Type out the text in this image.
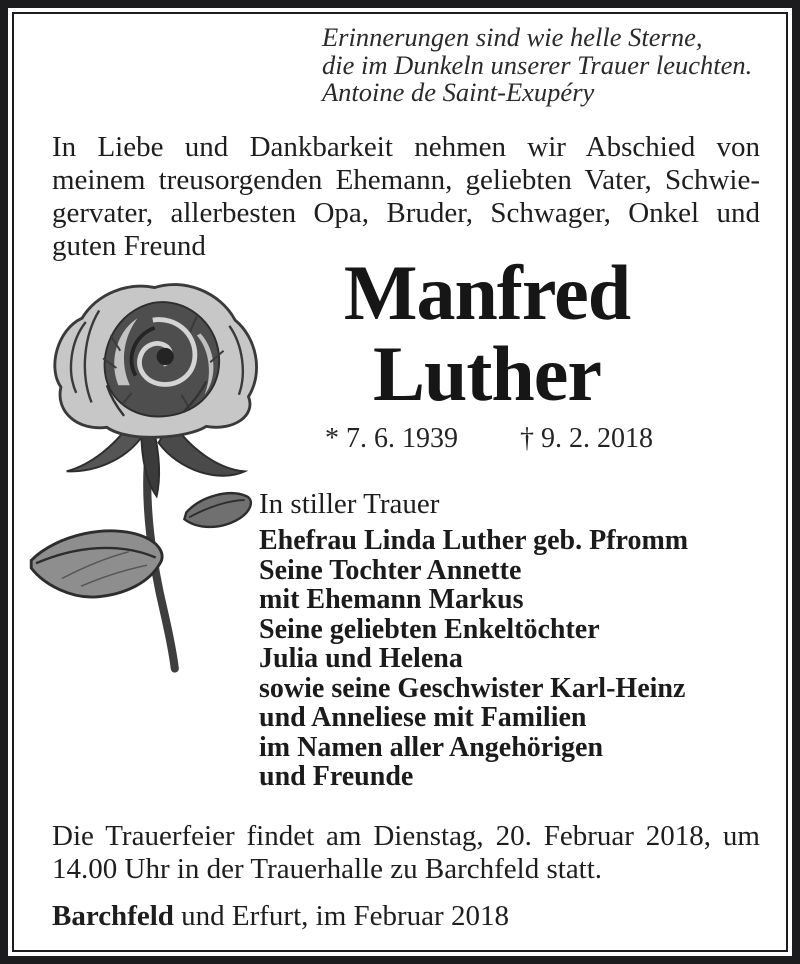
Erinnerungen sind wie helle Sterne,
die im Dunkeln unserer Trauer leuchten.
Antoine de Saint-Exupéry
In Liebe und Dankbarkeit nehmen wir Abschied von
meinem treusorgenden Ehemann, geliebten Vater, Schwie-
gervater, allerbesten Opa, Bruder, Schwager, Onkel und
guten Freund
Manfred
Luther
* 7. 6. 1939 † 9. 2. 2018
In stiller Trauer
Ehefrau Linda Luther geb. Pfromm
Seine Tochter Annette
mit Ehemann Markus
Seine geliebten Enkeltöchter
Julia und Helena
sowie seine Geschwister Karl-Heinz
und Anneliese mit Familien
im Namen aller Angehörigen
und Freunde
Die Trauerfeier findet am Dienstag, 20. Februar 2018, um
14.00 Uhr in der Trauerhalle zu Barchfeld statt.
Barchfeld und Erfurt, im Februar 2018
